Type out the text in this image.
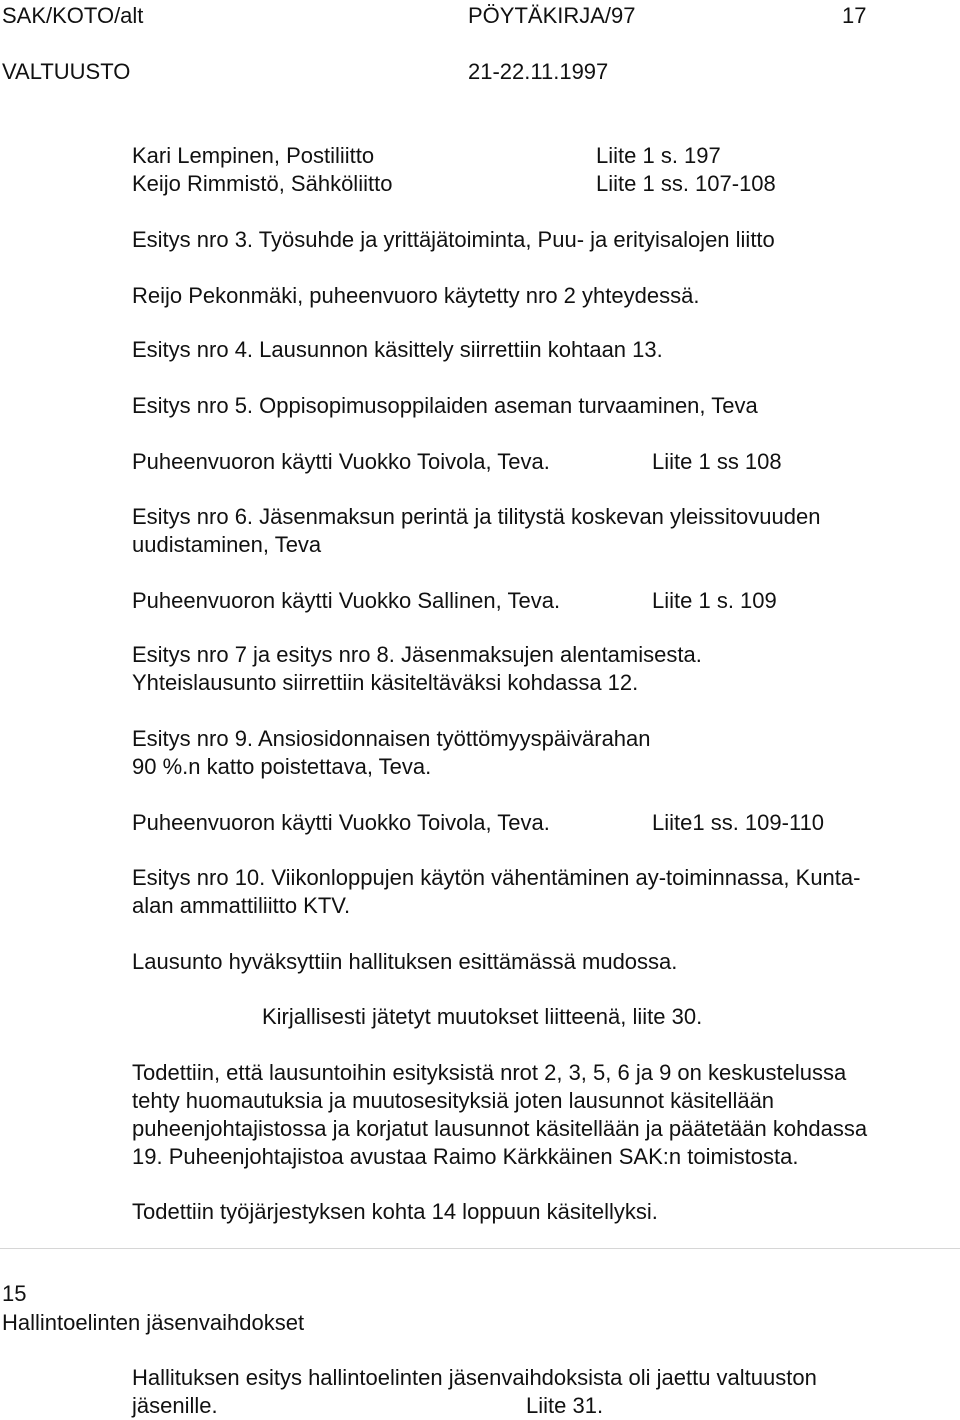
SAK/KOTO/alt	PÖYTÄKIRJA/97	17
VALTUUSTO	21-22.11.1997
Kari Lempinen, Postiliitto	Liite 1 s. 197
Keijo Rimmistö, Sähköliitto	Liite 1 ss. 107-108
Esitys nro 3. Työsuhde ja yrittäjätoiminta, Puu- ja erityisalojen liitto
Reijo Pekonmäki, puheenvuoro käytetty nro 2 yhteydessä.
Esitys nro 4. Lausunnon käsittely siirrettiin kohtaan 13.
Esitys nro 5. Oppisopimusoppilaiden aseman turvaaminen, Teva
Puheenvuoron käytti Vuokko Toivola, Teva.	Liite 1 ss 108
Esitys nro 6. Jäsenmaksun perintä ja tilitystä koskevan yleissitovuuden
uudistaminen, Teva
Puheenvuoron käytti Vuokko Sallinen, Teva.	Liite 1 s. 109
Esitys nro 7 ja esitys nro 8. Jäsenmaksujen alentamisesta.
Yhteislausunto siirrettiin käsiteltäväksi kohdassa 12.
Esitys nro 9. Ansiosidonnaisen työttömyyspäivärahan
90 %.n katto poistettava, Teva.
Puheenvuoron käytti Vuokko Toivola, Teva.	Liite1 ss. 109-110
Esitys nro 10. Viikonloppujen käytön vähentäminen ay-toiminnassa, Kunta-
alan ammattiliitto KTV.
Lausunto hyväksyttiin hallituksen esittämässä mudossa.
Kirjallisesti jätetyt muutokset liitteenä, liite 30.
Todettiin, että lausuntoihin esityksistä nrot 2, 3, 5, 6 ja 9 on keskustelussa
tehty huomautuksia ja muutosesityksiä joten lausunnot käsitellään
puheenjohtajistossa ja korjatut lausunnot käsitellään ja päätetään kohdassa
19. Puheenjohtajistoa avustaa Raimo Kärkkäinen SAK:n toimistosta.
Todettiin työjärjestyksen kohta 14 loppuun käsitellyksi.
15
Hallintoelinten jäsenvaihdokset
Hallituksen esitys hallintoelinten jäsenvaihdoksista oli jaettu valtuuston
jäsenille.	Liite 31.
